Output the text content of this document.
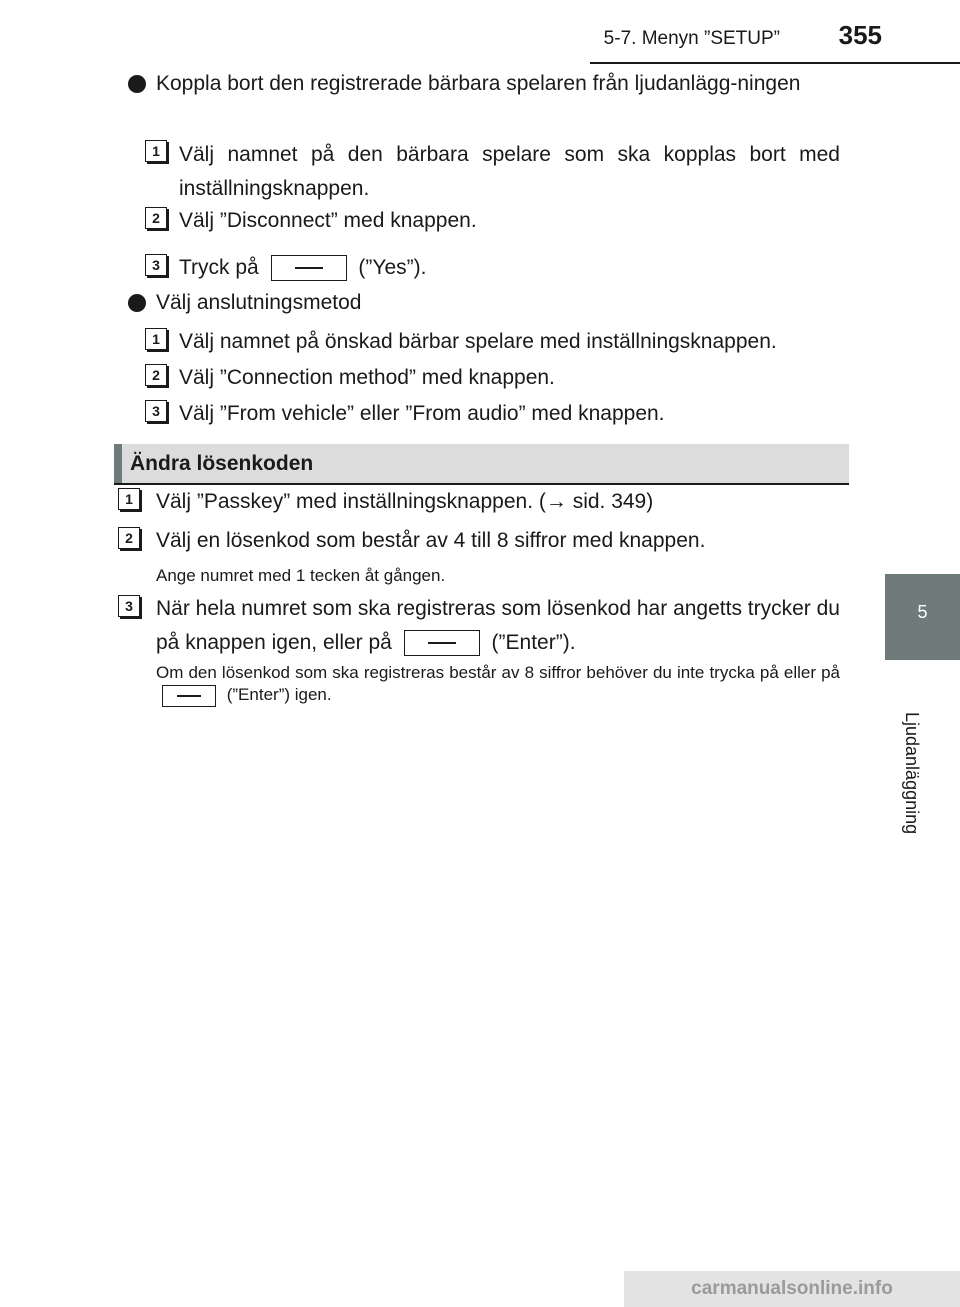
5-7. Menyn ”SETUP” 355
5
Ljudanläggning
Koppla bort den registrerade bärbara spelaren från ljudanlägg-ningen
1 Välj namnet på den bärbara spelare som ska kopplas bort med inställningsknappen.
2 Välj ”Disconnect” med knappen.
3 Tryck på	(”Yes”).
Välj anslutningsmetod
1 Välj namnet på önskad bärbar spelare med inställningsknappen.
2 Välj ”Connection method” med knappen.
3 Välj ”From vehicle” eller ”From audio” med knappen.
Ändra lösenkoden
1	Välj ”Passkey” med inställningsknappen. (→ sid. 349)
2	Välj en lösenkod som består av 4 till 8 siffror med knappen.
Ange numret med 1 tecken åt gången.
3	När hela numret som ska registreras som lösenkod har angetts trycker du på knappen igen, eller på	(”Enter”).
Om den lösenkod som ska registreras består av 8 siffror behöver du inte trycka på eller på
(”Enter”) igen.
carmanualsonline.info
